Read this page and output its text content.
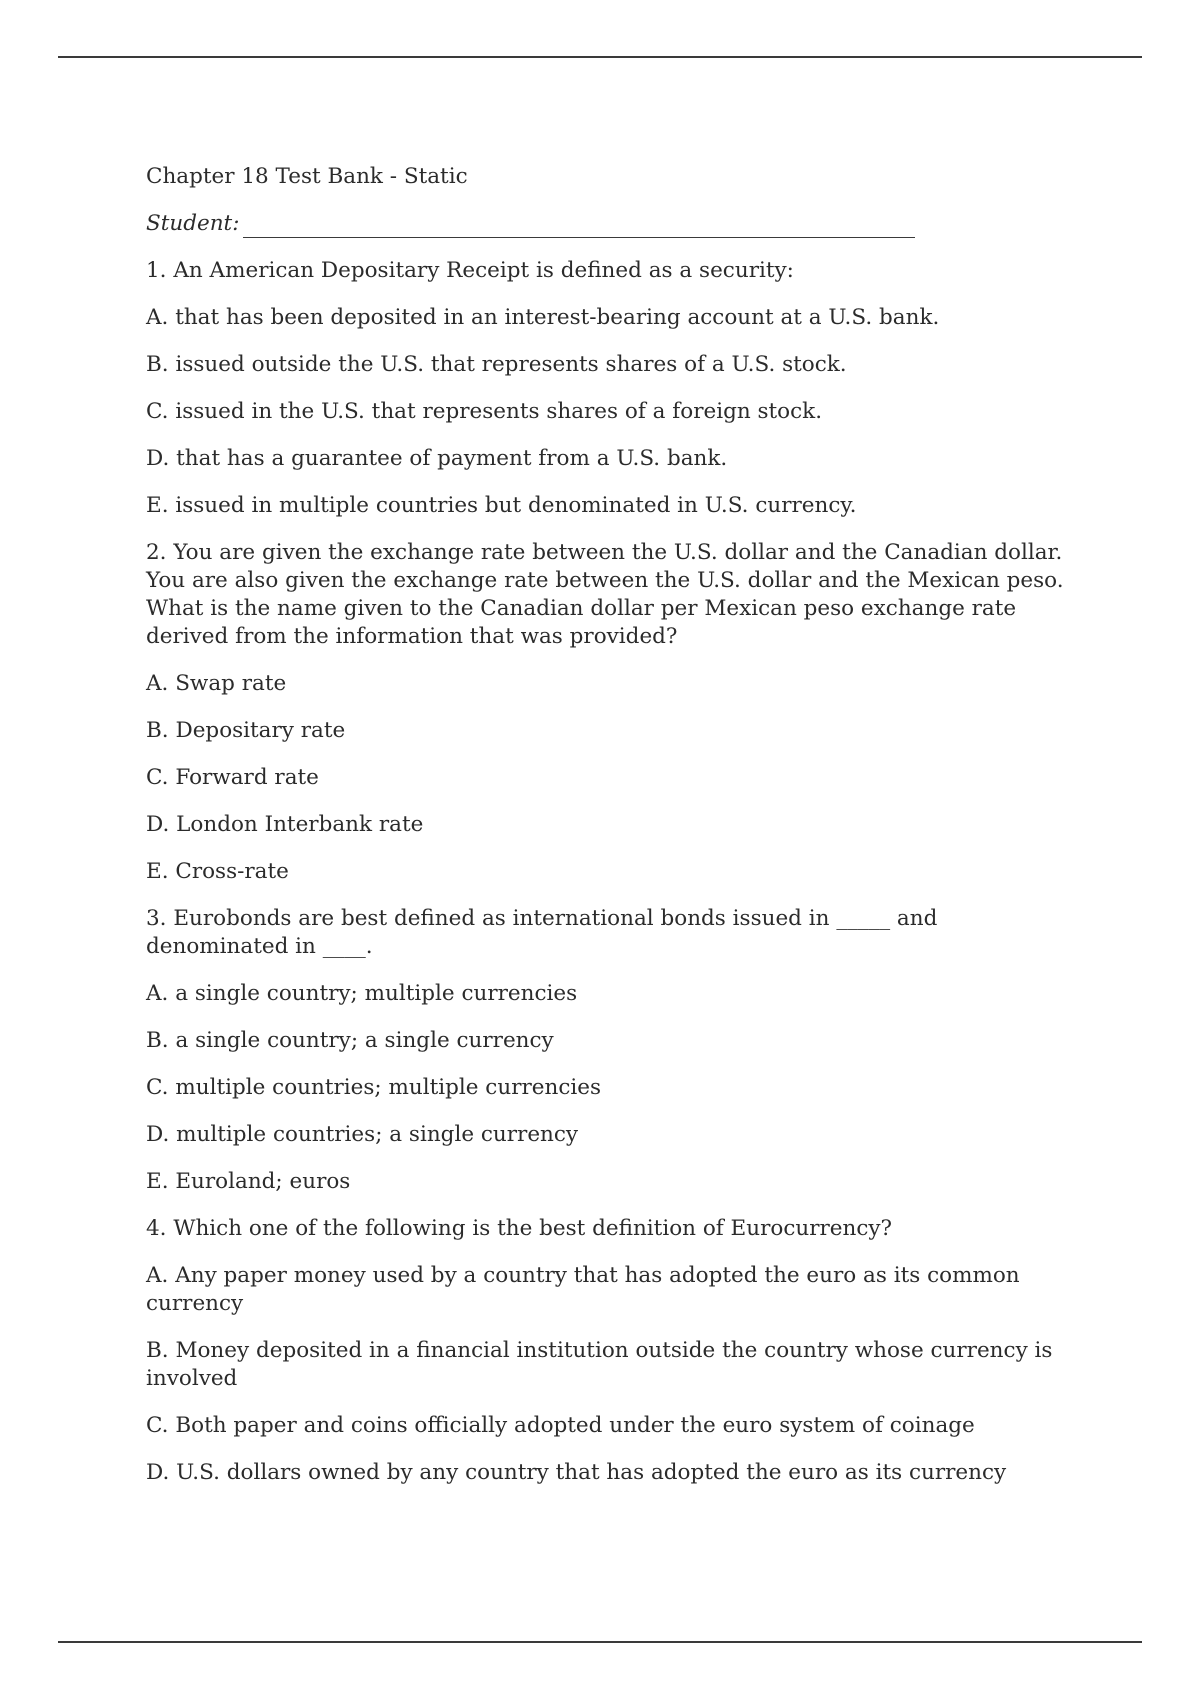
Chapter 18 Test Bank - Static
Student:
1. An American Depositary Receipt is defined as a security:
A. that has been deposited in an interest-bearing account at a U.S. bank.
B. issued outside the U.S. that represents shares of a U.S. stock.
C. issued in the U.S. that represents shares of a foreign stock.
D. that has a guarantee of payment from a U.S. bank.
E. issued in multiple countries but denominated in U.S. currency.
2. You are given the exchange rate between the U.S. dollar and the Canadian dollar. You are also given the exchange rate between the U.S. dollar and the Mexican peso. What is the name given to the Canadian dollar per Mexican peso exchange rate derived from the information that was provided?
A. Swap rate
B. Depositary rate
C. Forward rate
D. London Interbank rate
E. Cross-rate
3. Eurobonds are best defined as international bonds issued in _____ and denominated in ____.
A. a single country; multiple currencies
B. a single country; a single currency
C. multiple countries; multiple currencies
D. multiple countries; a single currency
E. Euroland; euros
4. Which one of the following is the best definition of Eurocurrency?
A. Any paper money used by a country that has adopted the euro as its common currency
B. Money deposited in a financial institution outside the country whose currency is involved
C. Both paper and coins officially adopted under the euro system of coinage
D. U.S. dollars owned by any country that has adopted the euro as its currency
